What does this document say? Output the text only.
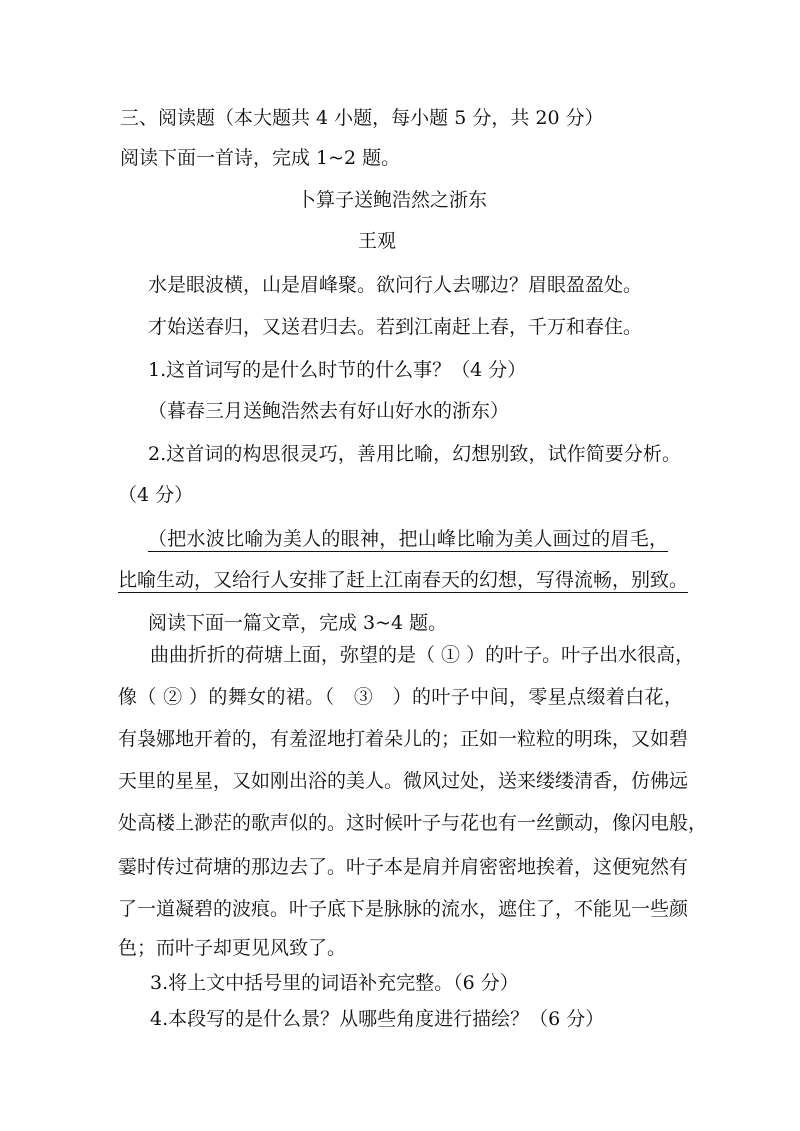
三、阅读题（本大题共 4 小题，每小题 5 分，共 20 分）
阅读下面一首诗，完成 1~2 题。
卜算子送鲍浩然之浙东
王观
水是眼波横，山是眉峰聚。欲问行人去哪边？眉眼盈盈处。
才始送春归，又送君归去。若到江南赶上春，千万和春住。
1.这首词写的是什么时节的什么事？（4 分）
（暮春三月送鲍浩然去有好山好水的浙东）
2.这首词的构思很灵巧，善用比喻，幻想别致，试作简要分析。
（4 分）
（把水波比喻为美人的眼神，把山峰比喻为美人画过的眉毛，
比喻生动，又给行人安排了赶上江南春天的幻想，写得流畅，别致。
阅读下面一篇文章，完成 3~4 题。
曲曲折折的荷塘上面，弥望的是（ ① ）的叶子。叶子出水很高，
像（ ② ）的舞女的裙。（　③　）的叶子中间，零星点缀着白花，
有袅娜地开着的，有羞涩地打着朵儿的；正如一粒粒的明珠，又如碧
天里的星星，又如刚出浴的美人。微风过处，送来缕缕清香，仿佛远
处高楼上渺茫的歌声似的。这时候叶子与花也有一丝颤动，像闪电般，
霎时传过荷塘的那边去了。叶子本是肩并肩密密地挨着，这便宛然有
了一道凝碧的波痕。叶子底下是脉脉的流水，遮住了，不能见一些颜
色；而叶子却更见风致了。
3.将上文中括号里的词语补充完整。（6 分）
4.本段写的是什么景？从哪些角度进行描绘？（6 分）
